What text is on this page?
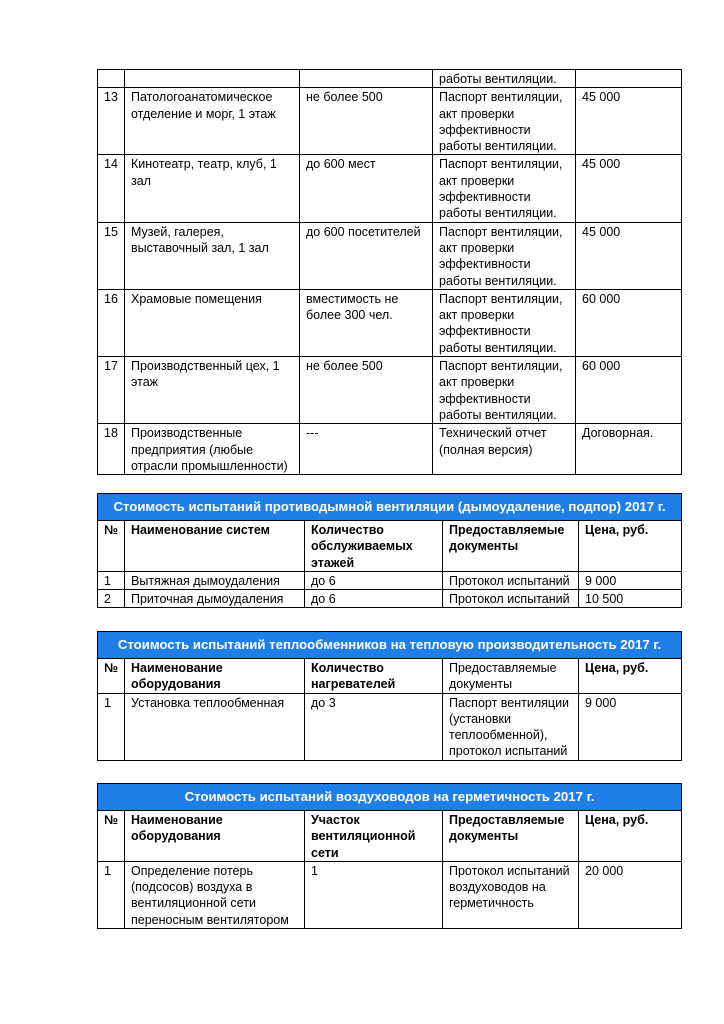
			работы вентиляции.	
13	Патологоанатомическое отделение и морг, 1 этаж	не более 500	Паспорт вентиляции, акт проверки эффективности работы вентиляции.	45 000
14	Кинотеатр, театр, клуб, 1 зал	до 600 мест	Паспорт вентиляции, акт проверки эффективности работы вентиляции.	45 000
15	Музей, галерея, выставочный зал, 1 зал	до 600 посетителей	Паспорт вентиляции, акт проверки эффективности работы вентиляции.	45 000
16	Храмовые помещения	вместимость не более 300 чел.	Паспорт вентиляции, акт проверки эффективности работы вентиляции.	60 000
17	Производственный цех, 1 этаж	не более 500	Паспорт вентиляции, акт проверки эффективности работы вентиляции.	60 000
18	Производственные предприятия (любые отрасли промышленности)	---	Технический отчет (полная версия)	Договорная.
Стоимость испытаний противодымной вентиляции (дымоудаление, подпор) 2017 г.				
№	Наименование систем	Количество обслуживаемых этажей	Предоставляемые документы	Цена, руб.
1	Вытяжная дымоудаления	до 6	Протокол испытаний	9 000
2	Приточная дымоудаления	до 6	Протокол испытаний	10 500
Стоимость испытаний теплообменников на тепловую производительность 2017 г.				
№	Наименование оборудования	Количество нагревателей	Предоставляемые документы	Цена, руб.
1	Установка теплообменная	до 3	Паспорт вентиляции (установки теплообменной), протокол испытаний	9 000
Стоимость испытаний воздуховодов на герметичность 2017 г.				
№	Наименование оборудования	Участок вентиляционной сети	Предоставляемые документы	Цена, руб.
1	Определение потерь (подсосов) воздуха в вентиляционной сети переносным вентилятором	1	Протокол испытаний воздуховодов на герметичность	20 000
